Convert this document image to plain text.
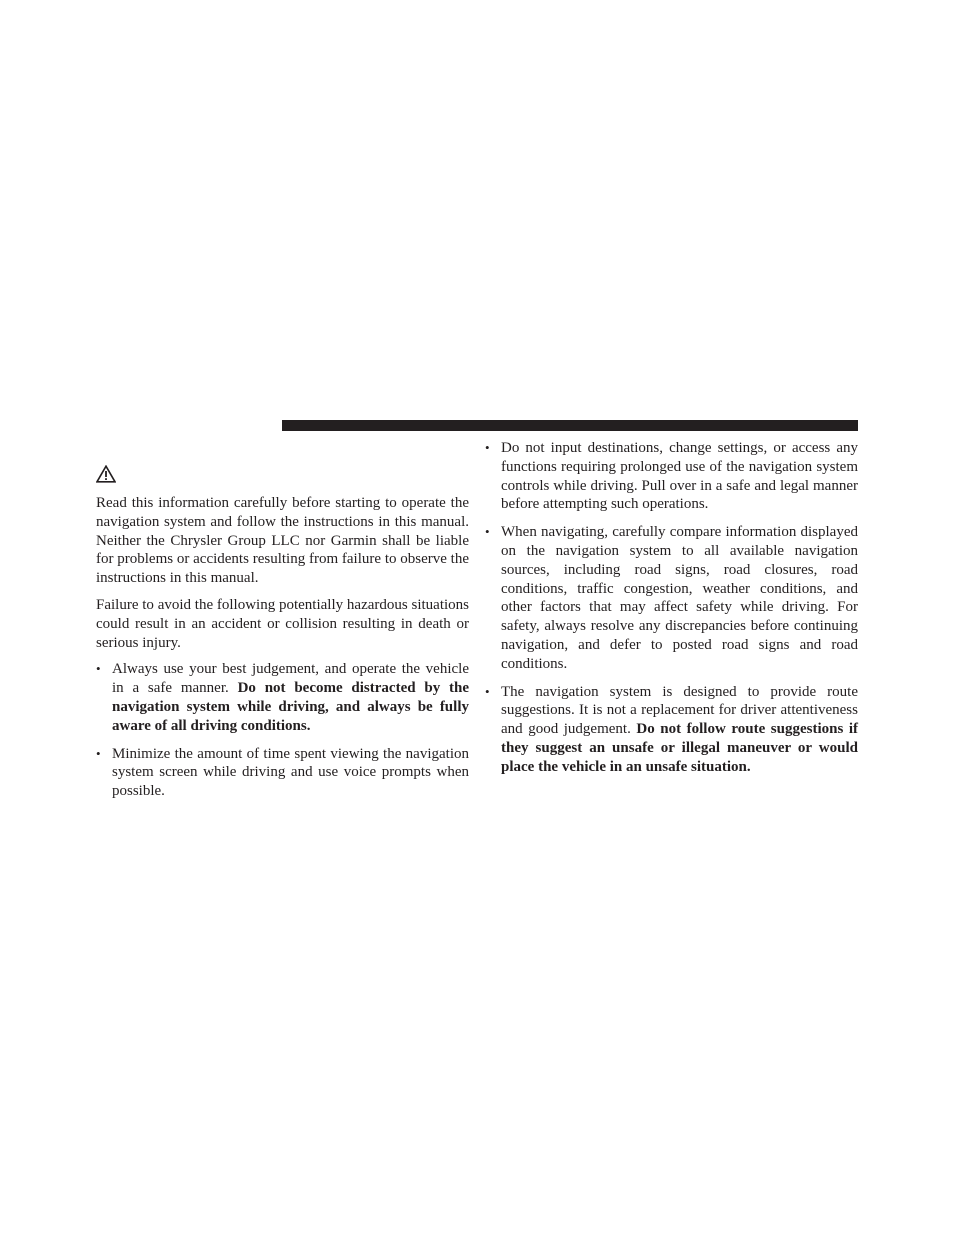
Read this information carefully before starting to operate the navigation system and follow the instructions in this manual. Neither the Chrysler Group LLC nor Garmin shall be liable for problems or accidents resulting from failure to observe the instructions in this manual.

Failure to avoid the following potentially hazardous situations could result in an accident or collision resulting in death or serious injury.

• Always use your best judgement, and operate the vehicle in a safe manner. Do not become distracted by the navigation system while driving, and always be fully aware of all driving conditions.
• Minimize the amount of time spent viewing the navigation system screen while driving and use voice prompts when possible.
• Do not input destinations, change settings, or access any functions requiring prolonged use of the navigation system controls while driving. Pull over in a safe and legal manner before attempting such operations.
• When navigating, carefully compare information displayed on the navigation system to all available navigation sources, including road signs, road closures, road conditions, traffic congestion, weather conditions, and other factors that may affect safety while driving. For safety, always resolve any discrepancies before continuing navigation, and defer to posted road signs and road conditions.
• The navigation system is designed to provide route suggestions. It is not a replacement for driver attentiveness and good judgement. Do not follow route suggestions if they suggest an unsafe or illegal maneuver or would place the vehicle in an unsafe situation.
